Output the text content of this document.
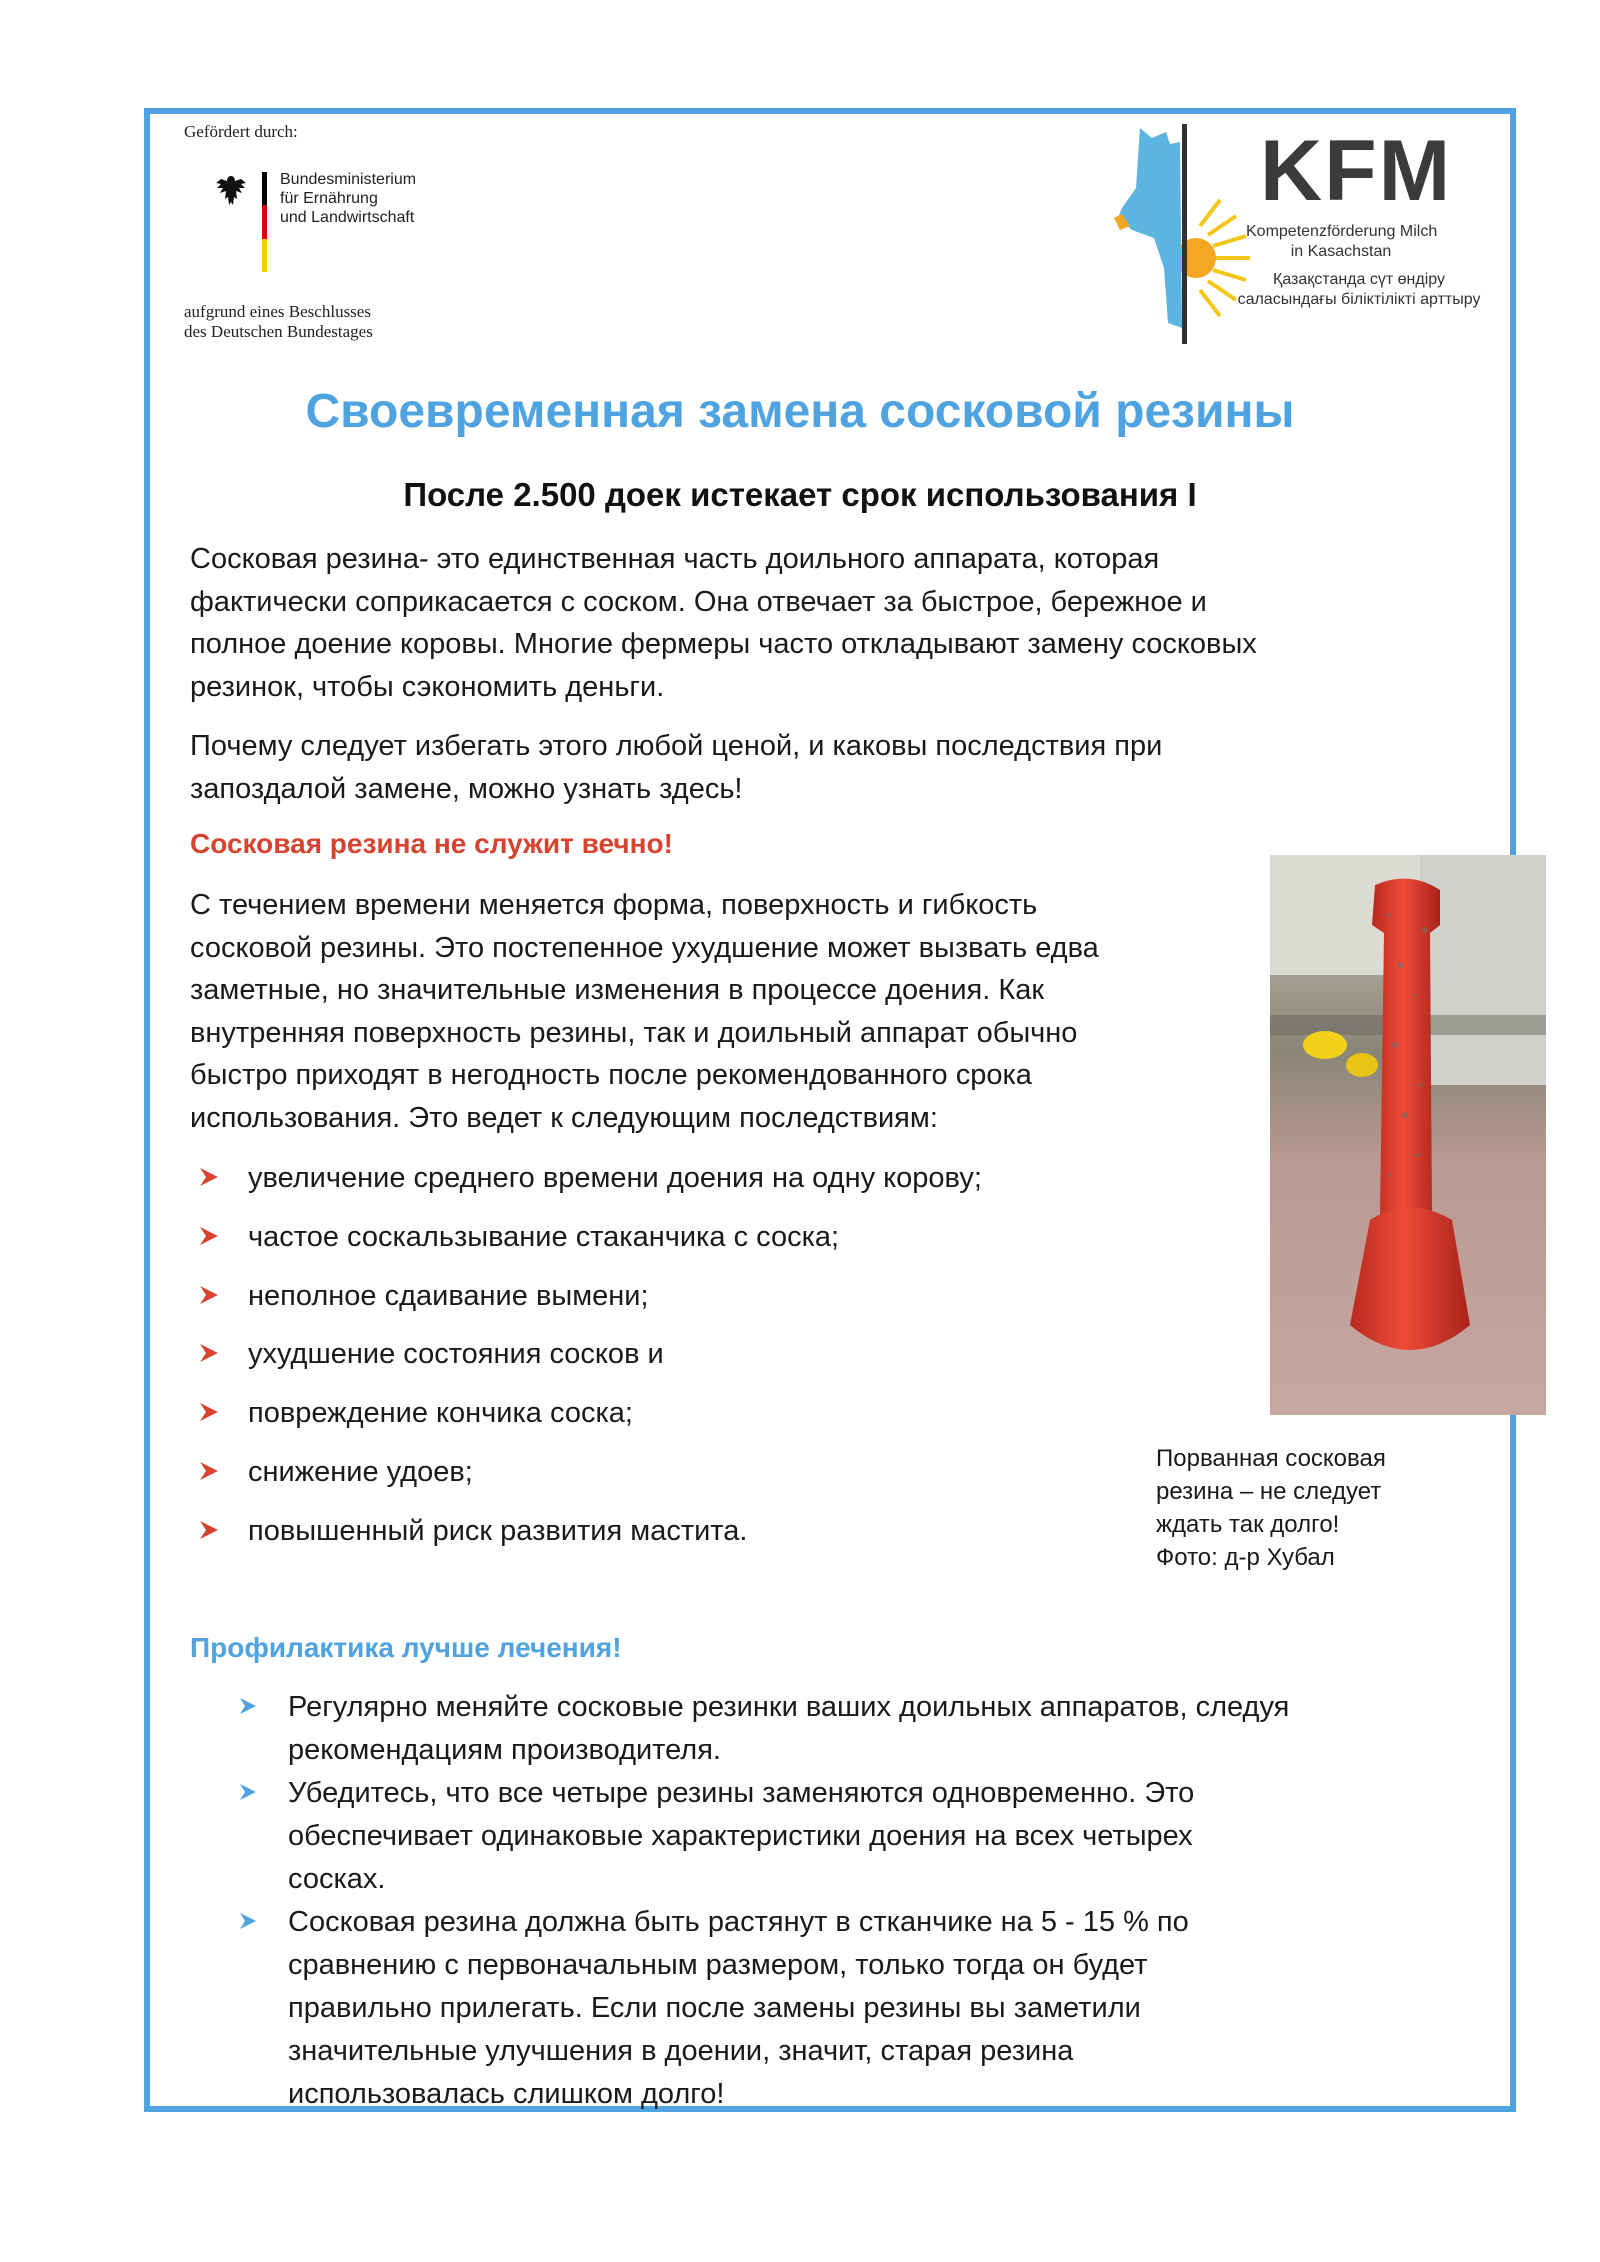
Gefördert durch:
Bundesministerium
für Ernährung
und Landwirtschaft
aufgrund eines Beschlusses
des Deutschen Bundestages
KFM
Kompetenzförderung Milch
in Kasachstan
Қазақстанда сүт өндіру
саласындағы біліктілікті арттыру
Своевременная замена сосковой резины
После 2.500 доек истекает срок использования I
Сосковая резина- это единственная часть доильного аппарата, которая
фактически соприкасается с соском. Она отвечает за быстрое, бережное и
полное доение коровы. Многие фермеры часто откладывают замену сосковых
резинок, чтобы сэкономить деньги.
Почему следует избегать этого любой ценой, и каковы последствия при
запоздалой замене, можно узнать здесь!
Сосковая резина не служит вечно!
С течением времени меняется форма, поверхность и гибкость
сосковой резины. Это постепенное ухудшение может вызвать едва
заметные, но значительные изменения в процессе доения. Как
внутренняя поверхность резины, так и доильный аппарат обычно
быстро приходят в негодность после рекомендованного срока
использования. Это ведет к следующим последствиям:
увеличение среднего времени доения на одну корову;
частое соскальзывание стаканчика с соска;
неполное сдаивание вымени;
ухудшение состояния сосков и
повреждение кончика соска;
снижение удоев;
повышенный риск развития мастита.
Порванная сосковая
резина – не следует
ждать так долго!
Фото: д-р Хубал
Профилактика лучше лечения!
Регулярно меняйте сосковые резинки ваших доильных аппаратов, следуя
рекомендациям производителя.
Убедитесь, что все четыре резины заменяются одновременно. Это
обеспечивает одинаковые характеристики доения на всех четырех
сосках.
Сосковая резина должна быть растянут в стканчике на 5 - 15 % по
сравнению с первоначальным размером, только тогда он будет
правильно прилегать. Если после замены резины вы заметили
значительные улучшения в доении, значит, старая резина
использовалась слишком долго!
